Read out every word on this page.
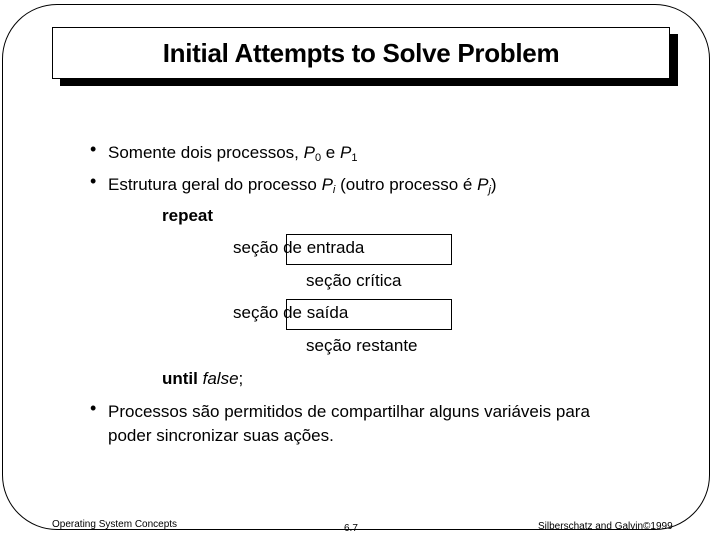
Initial Attempts to Solve Problem
• Somente dois processos, $P_0$ e $P_1$
• Estrutura geral do processo $P_i$ (outro processo é $P_j$)
repeat
seção de entrada
seção crítica
seção de saída
seção restante
until false;
• Processos são permitidos de compartilhar alguns variáveis para
poder sincronizar suas ações.
Operating System Concepts	6.7	Silberschatz and Galvin©1999
